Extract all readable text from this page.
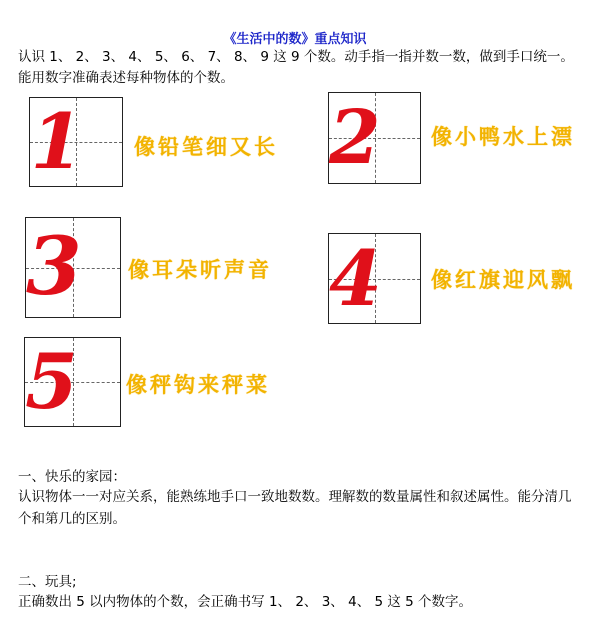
《生活中的数》重点知识
认识 1、 2、 3、 4、 5、 6、 7、 8、 9 这 9 个数。动手指一指并数一数，做到手口统一。能用数字准确表述每种物体的个数。
1 像铅笔细又长 2 像小鸭水上漂
3 像耳朵听声音 4 像红旗迎风飘
5 像秤钩来秤菜
一、快乐的家园：
认识物体一一对应关系，能熟练地手口一致地数数。理解数的数量属性和叙述属性。能分清几个和第几的区别。
二、玩具;
正确数出 5 以内物体的个数，会正确书写 1、 2、 3、 4、 5 这 5 个数字。
